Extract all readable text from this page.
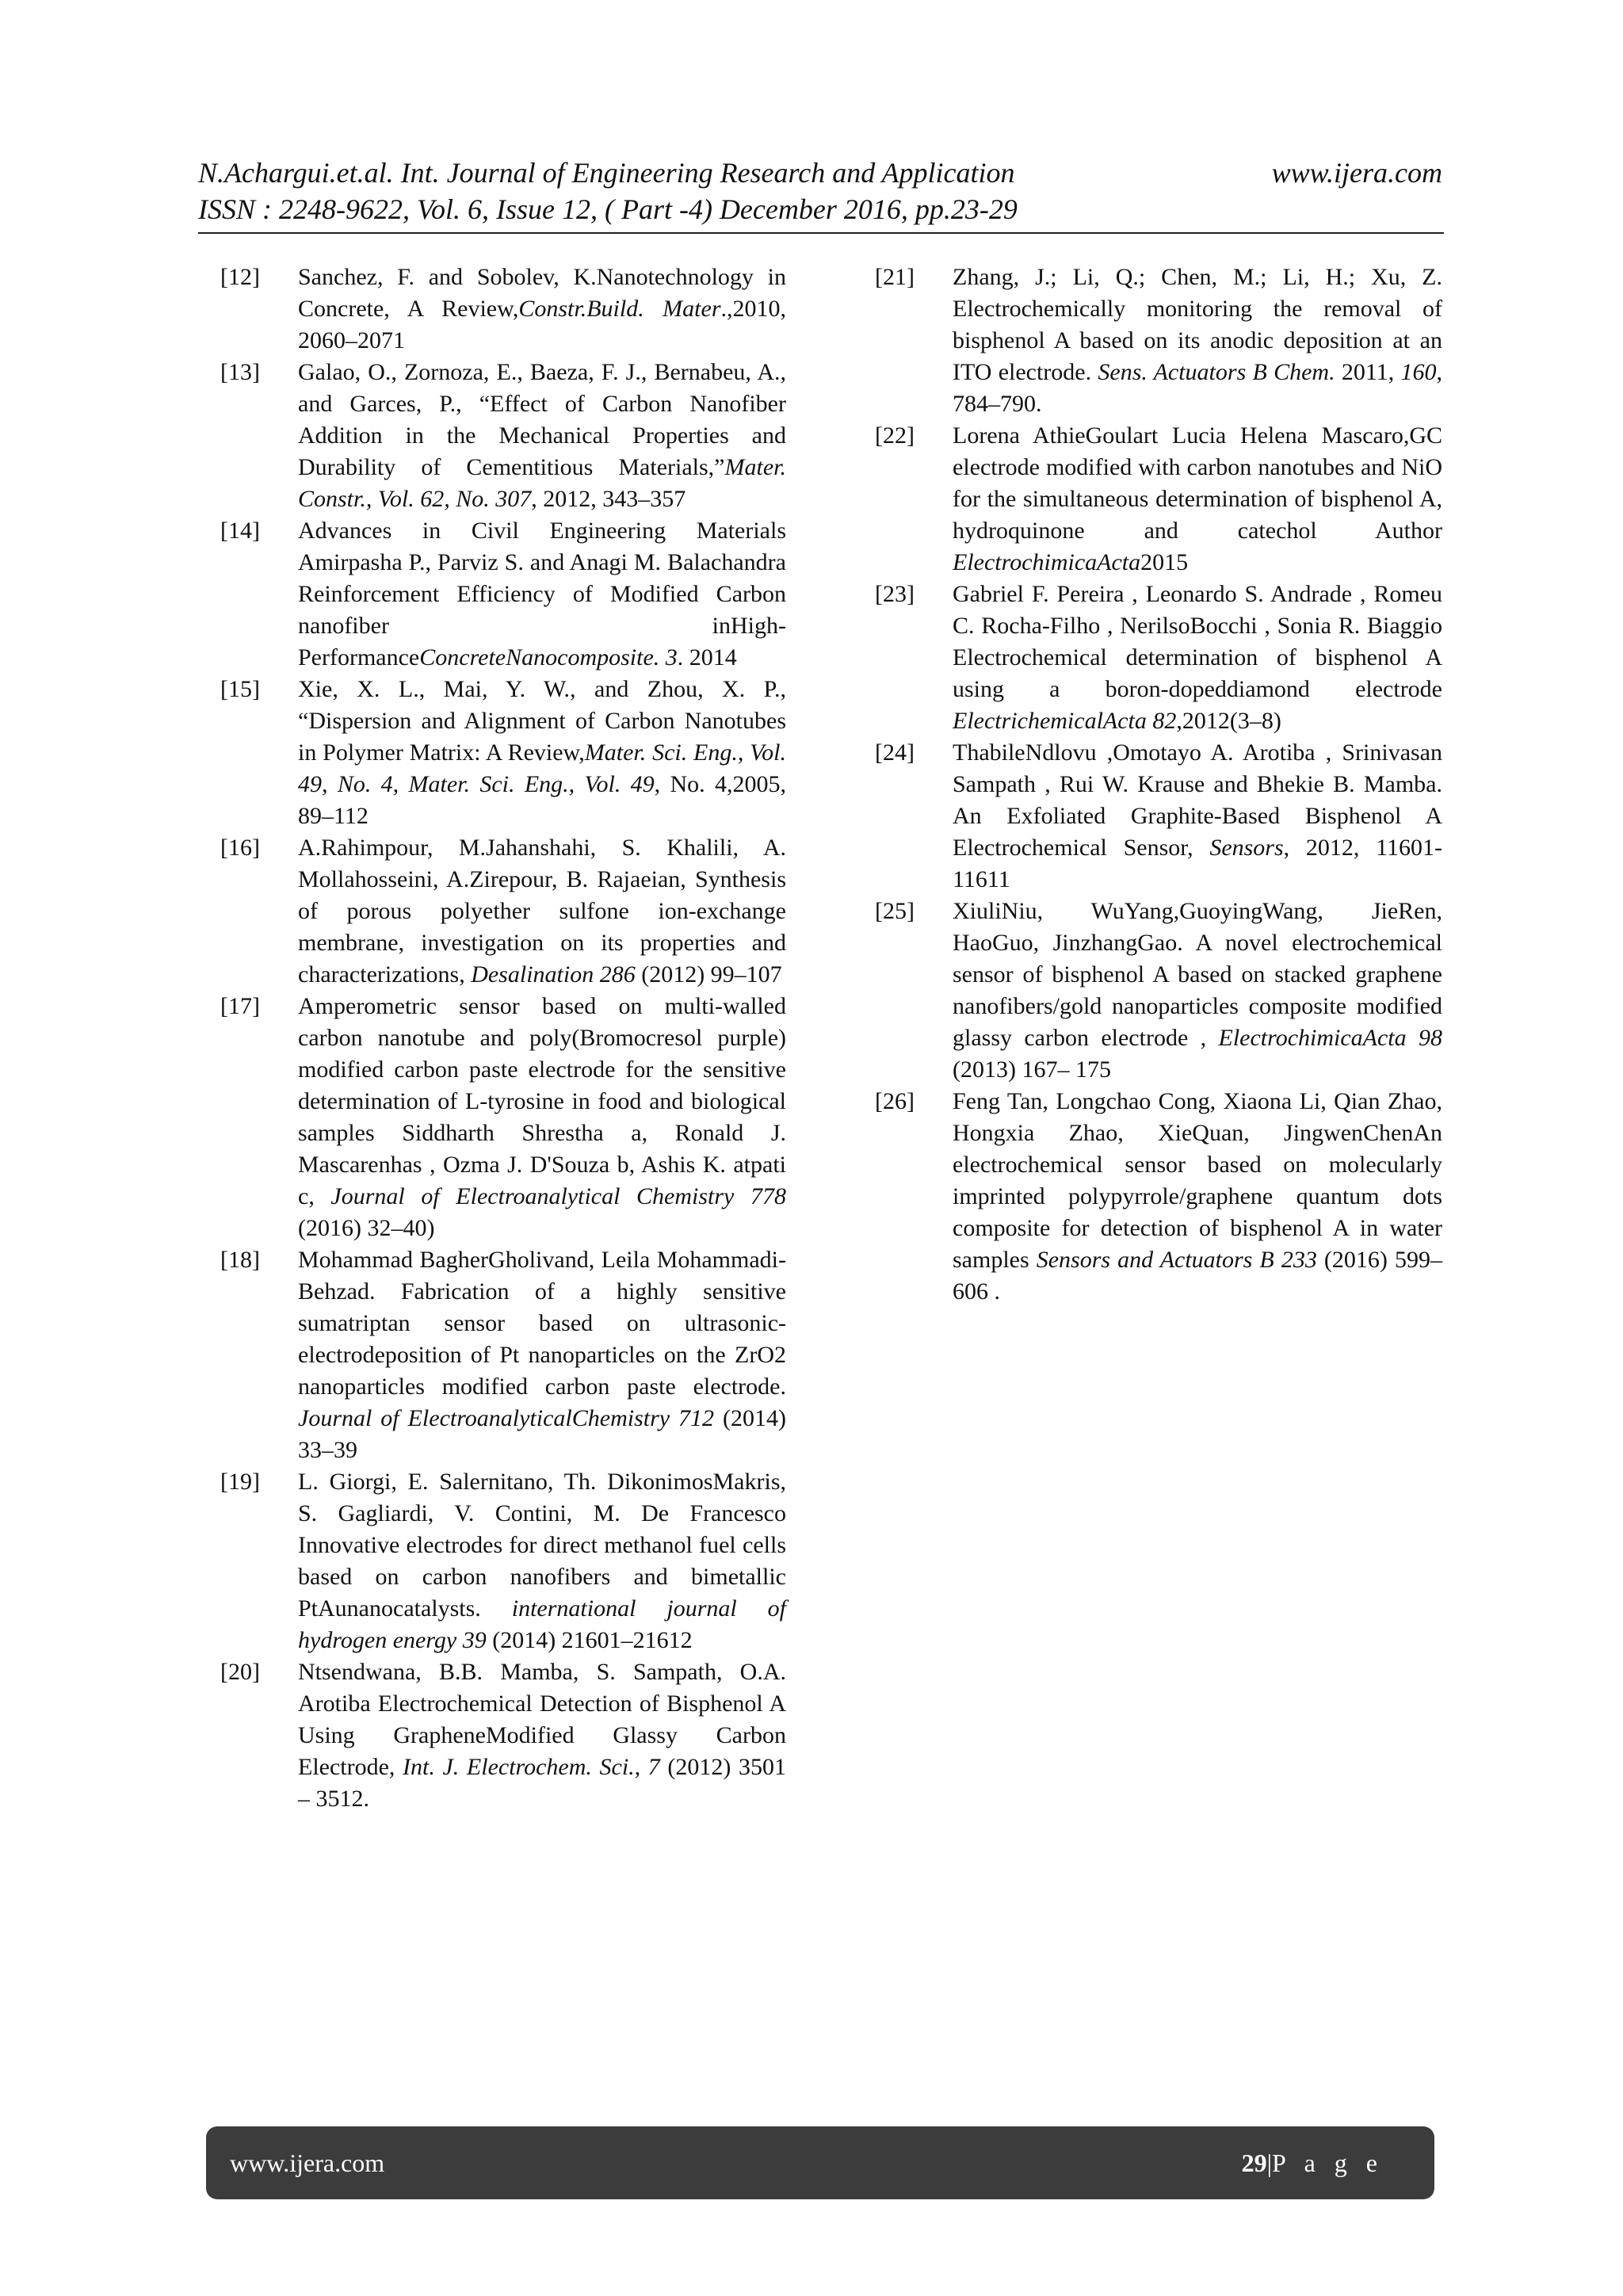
N.Achargui.et.al. Int. Journal of Engineering Research and Application	www.ijera.com
ISSN : 2248-9622, Vol. 6, Issue 12, ( Part -4) December 2016, pp.23-29
[12]	Sanchez, F. and Sobolev, K.Nanotechnology in Concrete, A Review,Constr.Build. Mater.,2010, 2060–2071
[13]	Galao, O., Zornoza, E., Baeza, F. J., Bernabeu, A., and Garces, P., “Effect of Carbon Nanofiber Addition in the Mechanical Properties and Durability of Cementitious Materials,”Mater. Constr., Vol. 62, No. 307, 2012, 343–357
[14]	Advances in Civil Engineering Materials Amirpasha P., Parviz S. and Anagi M. Balachandra Reinforcement Efficiency of Modified Carbon nanofiber inHigh-PerformanceConcreteNanocomposite. 3. 2014
[15]	Xie, X. L., Mai, Y. W., and Zhou, X. P., “Dispersion and Alignment of Carbon Nanotubes in Polymer Matrix: A Review,Mater. Sci. Eng., Vol. 49, No. 4, Mater. Sci. Eng., Vol. 49, No. 4,2005, 89–112
[16]	A.Rahimpour, M.Jahanshahi, S. Khalili, A. Mollahosseini, A.Zirepour, B. Rajaeian, Synthesis of porous polyether sulfone ion-exchange membrane, investigation on its properties and characterizations, Desalination 286 (2012) 99–107
[17]	Amperometric sensor based on multi-walled carbon nanotube and poly(Bromocresol purple) modified carbon paste electrode for the sensitive determination of L-tyrosine in food and biological samples Siddharth Shrestha a, Ronald J. Mascarenhas , Ozma J. D'Souza b, Ashis K. atpati c, Journal of Electroanalytical Chemistry 778 (2016) 32–40)
[18]	Mohammad BagherGholivand, Leila Mohammadi-Behzad. Fabrication of a highly sensitive sumatriptan sensor based on ultrasonic-electrodeposition of Pt nanoparticles on the ZrO2 nanoparticles modified carbon paste electrode. Journal of ElectroanalyticalChemistry 712 (2014) 33–39
[19]	L. Giorgi, E. Salernitano, Th. DikonimosMakris, S. Gagliardi, V. Contini, M. De Francesco Innovative electrodes for direct methanol fuel cells based on carbon nanofibers and bimetallic PtAunanocatalysts. international journal of hydrogen energy 39 (2014) 21601–21612
[20]	Ntsendwana, B.B. Mamba, S. Sampath, O.A. Arotiba Electrochemical Detection of Bisphenol A Using GrapheneModified Glassy Carbon Electrode, Int. J. Electrochem. Sci., 7 (2012) 3501 – 3512.
[21]	Zhang, J.; Li, Q.; Chen, M.; Li, H.; Xu, Z. Electrochemically monitoring the removal of bisphenol A based on its anodic deposition at an ITO electrode. Sens. Actuators B Chem. 2011, 160, 784–790.
[22]	Lorena AthieGoulart Lucia Helena Mascaro,GC electrode modified with carbon nanotubes and NiO for the simultaneous determination of bisphenol A, hydroquinone and catechol Author ElectrochimicaActa2015
[23]	Gabriel F. Pereira , Leonardo S. Andrade , Romeu C. Rocha-Filho , NerilsoBocchi , Sonia R. Biaggio Electrochemical determination of bisphenol A using a boron-dopeddiamond electrode ElectrichemicalActa 82,2012(3–8)
[24]	ThabileNdlovu ,Omotayo A. Arotiba , Srinivasan Sampath , Rui W. Krause and Bhekie B. Mamba. An Exfoliated Graphite-Based Bisphenol A Electrochemical Sensor, Sensors, 2012, 11601-11611
[25]	XiuliNiu, WuYang,GuoyingWang, JieRen, HaoGuo, JinzhangGao. A novel electrochemical sensor of bisphenol A based on stacked graphene nanofibers/gold nanoparticles composite modified glassy carbon electrode , ElectrochimicaActa 98 (2013) 167– 175
[26]	Feng Tan, Longchao Cong, Xiaona Li, Qian Zhao, Hongxia Zhao, XieQuan, JingwenChenAn electrochemical sensor based on molecularly imprinted polypyrrole/graphene quantum dots composite for detection of bisphenol A in water samples Sensors and Actuators B 233 (2016) 599–606 .
www.ijera.com	29|P a g e
